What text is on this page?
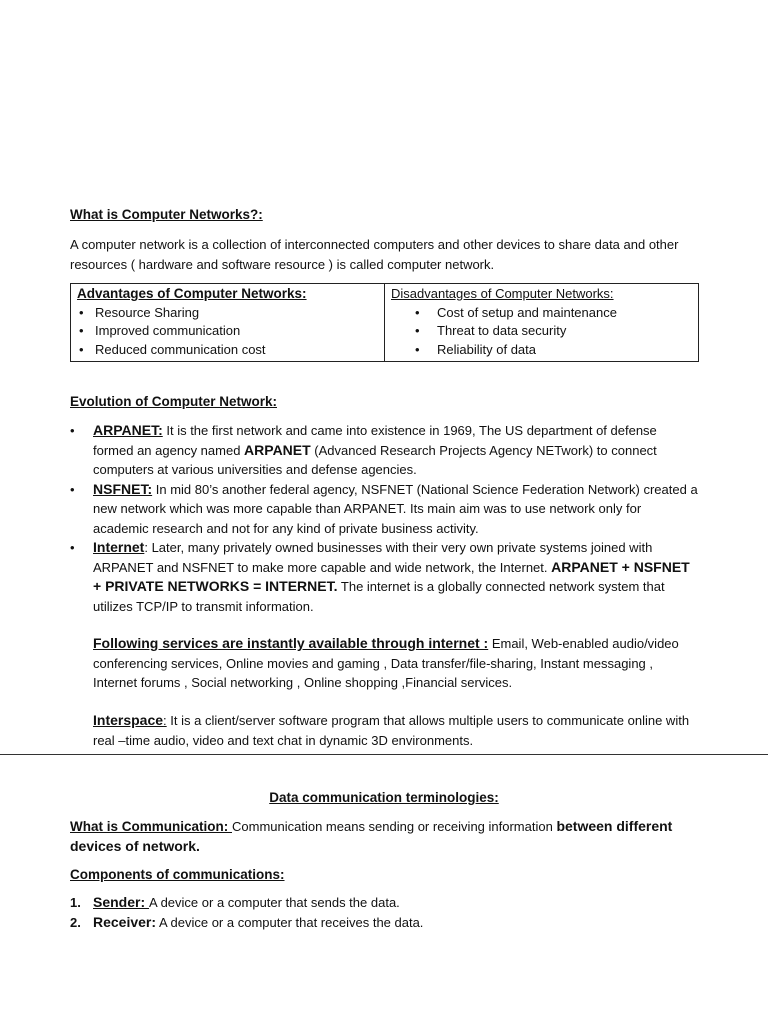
What is Computer Networks?:
A computer network is a collection of interconnected computers and other devices to share data and other resources ( hardware and software resource ) is called computer network.
Advantages of Computer Networks:
• Resource Sharing
• Improved communication
• Reduced communication cost

Disadvantages of Computer Networks:
• Cost of setup and maintenance
• Threat to data security
• Reliability of data
Evolution of Computer Network:
• ARPANET: It is the first network and came into existence in 1969, The US department of defense formed an agency named ARPANET (Advanced Research Projects Agency NETwork) to connect computers at various universities and defense agencies.
• NSFNET: In mid 80’s another federal agency, NSFNET (National Science Federation Network) created a new network which was more capable than ARPANET. Its main aim was to use network only for academic research and not for any kind of private business activity.
• Internet: Later, many privately owned businesses with their very own private systems joined with ARPANET and NSFNET to make more capable and wide network, the Internet. ARPANET + NSFNET + PRIVATE NETWORKS = INTERNET. The internet is a globally connected network system that utilizes TCP/IP to transmit information.
Following services are instantly available through internet : Email, Web-enabled audio/video conferencing services, Online movies and gaming , Data transfer/file-sharing, Instant messaging , Internet forums , Social networking , Online shopping ,Financial services.
Interspace: It is a client/server software program that allows multiple users to communicate online with real –time audio, video and text chat in dynamic 3D environments.
Data communication terminologies:
What is Communication: Communication means sending or receiving information between different devices of network.
Components of communications:
1. Sender: A device or a computer that sends the data.
2. Receiver: A device or a computer that receives the data.
